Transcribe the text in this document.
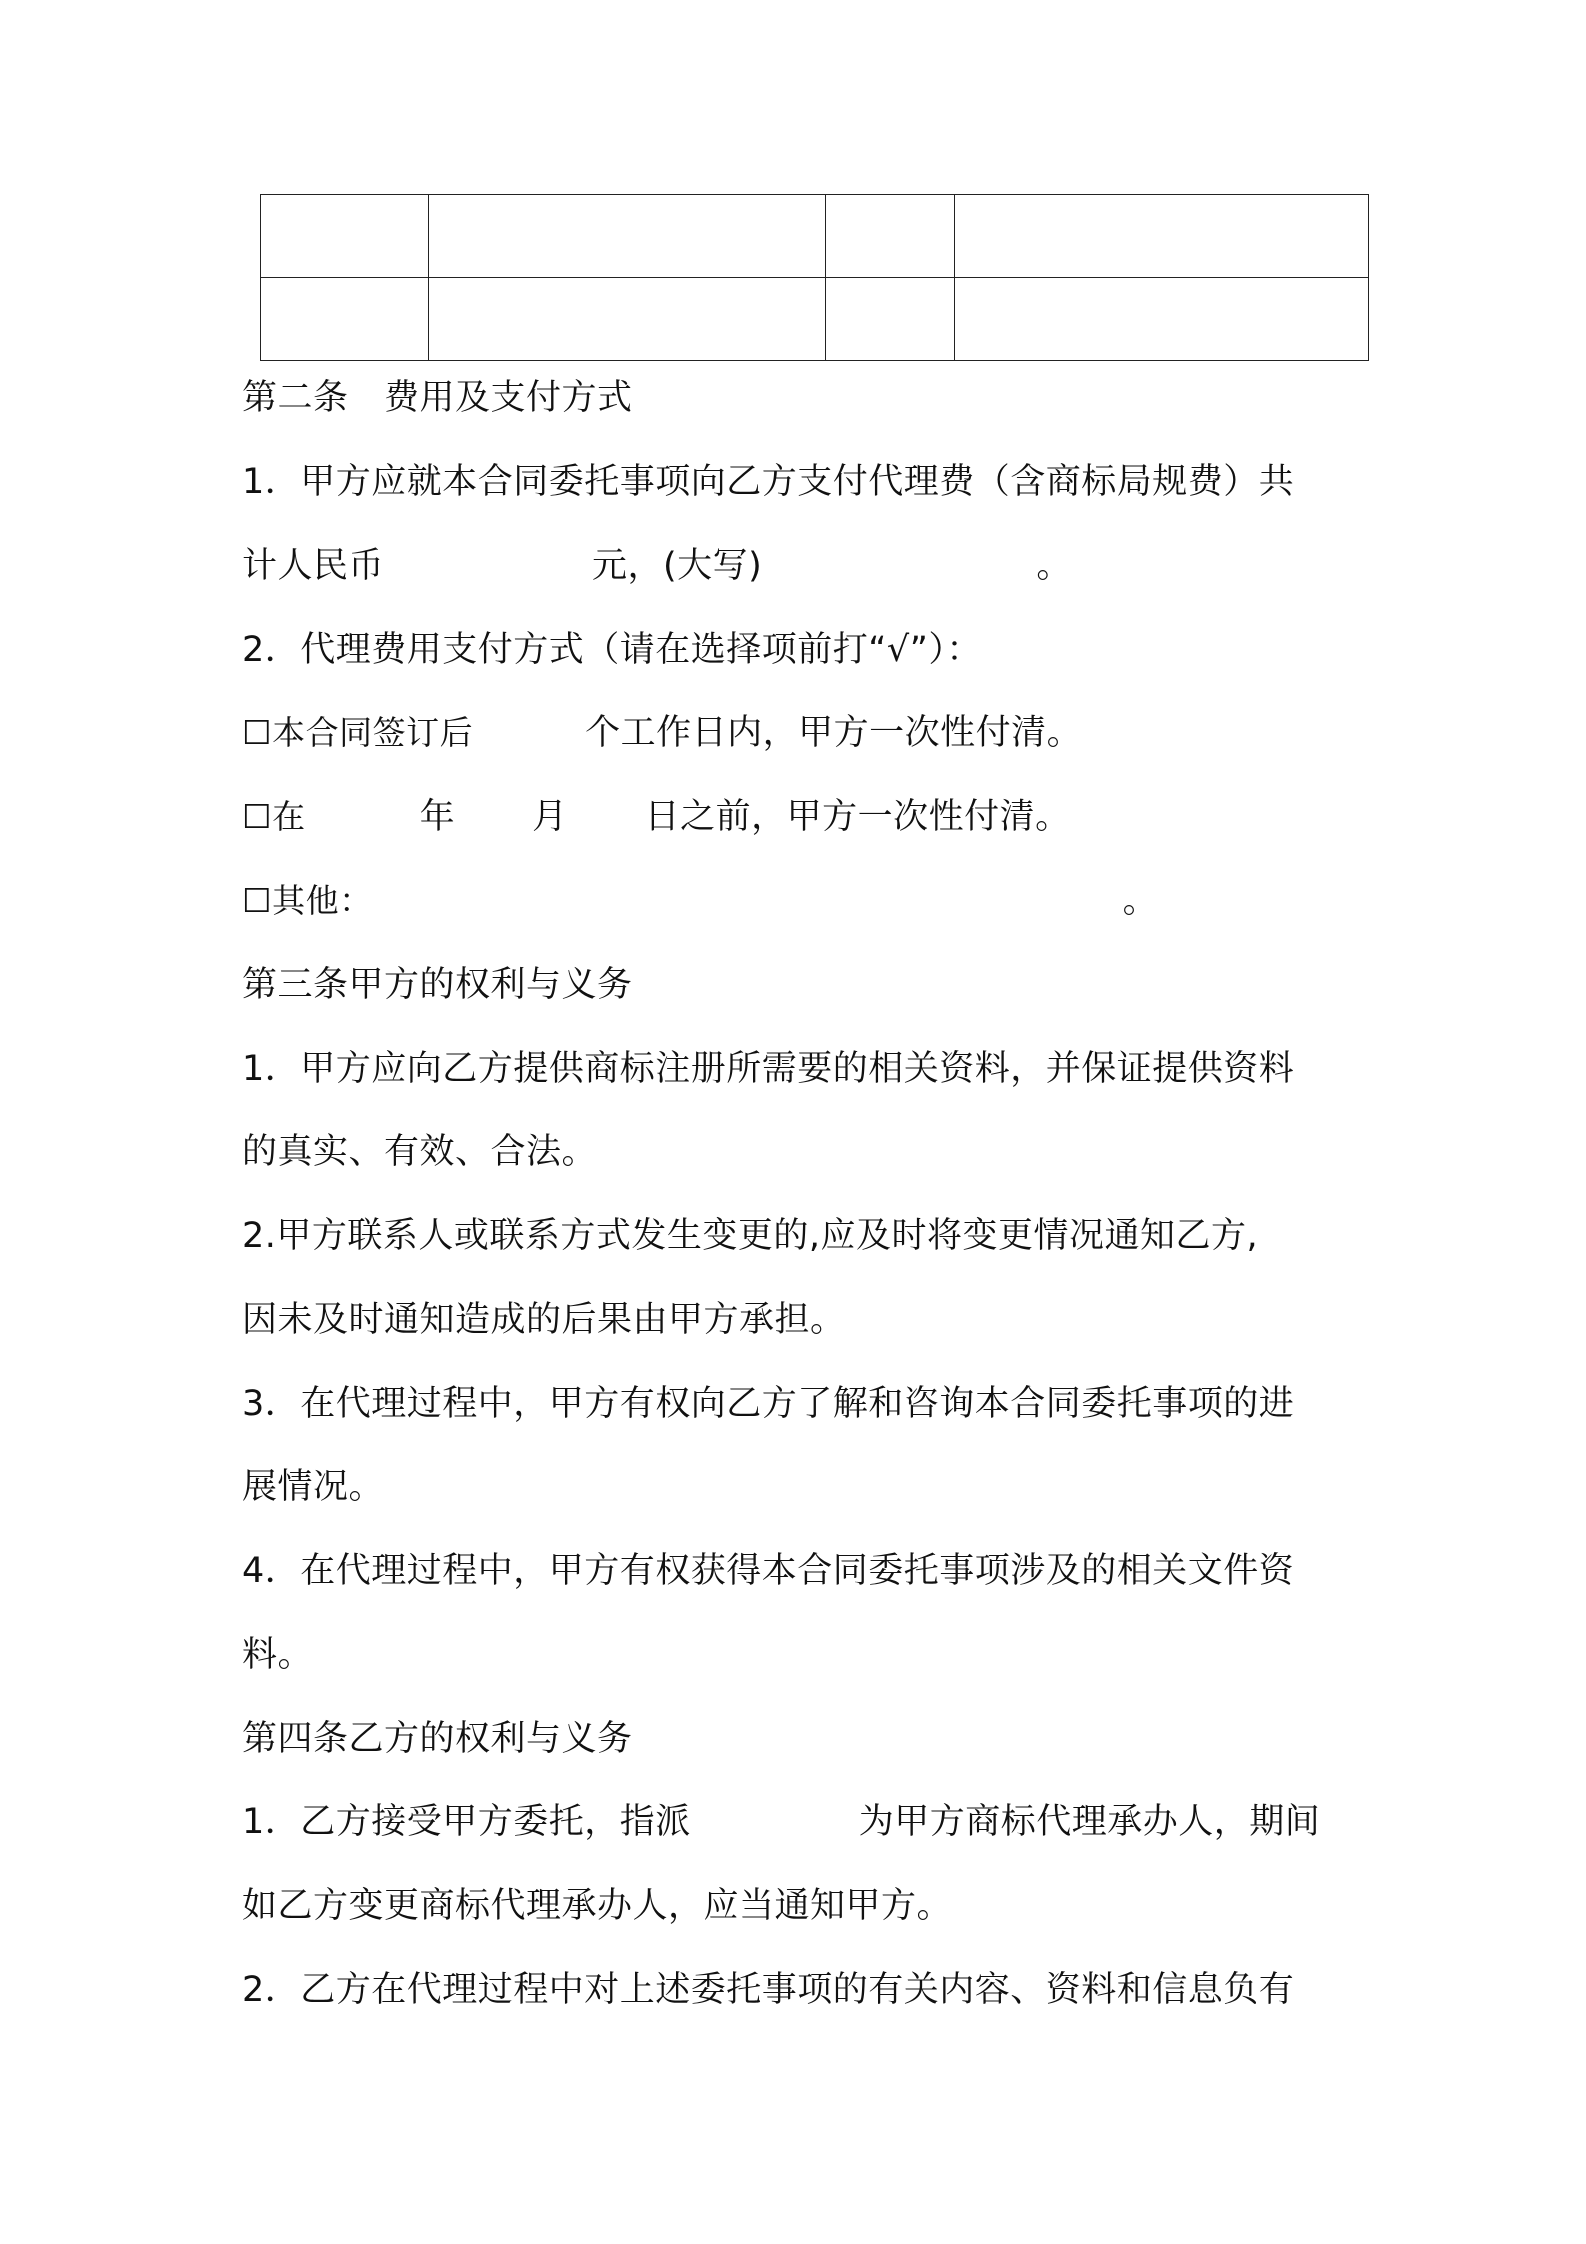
第二条　费用及支付方式

1．甲方应就本合同委托事项向乙方支付代理费（含商标局规费）共

计人民币	元，(大写)	。

2．代理费用支付方式（请在选择项前打“√”）：

☐本合同签订后	个工作日内，甲方一次性付清。

☐在	年 月 日之前，甲方一次性付清。

☐其他：	。

第三条甲方的权利与义务

1．甲方应向乙方提供商标注册所需要的相关资料，并保证提供资料

的真实、有效、合法。

2.甲方联系人或联系方式发生变更的,应及时将变更情况通知乙方,

因未及时通知造成的后果由甲方承担。

3．在代理过程中，甲方有权向乙方了解和咨询本合同委托事项的进

展情况。

4．在代理过程中，甲方有权获得本合同委托事项涉及的相关文件资

料。

第四条乙方的权利与义务

1．乙方接受甲方委托，指派	为甲方商标代理承办人，期间

如乙方变更商标代理承办人，应当通知甲方。

2．乙方在代理过程中对上述委托事项的有关内容、资料和信息负有
